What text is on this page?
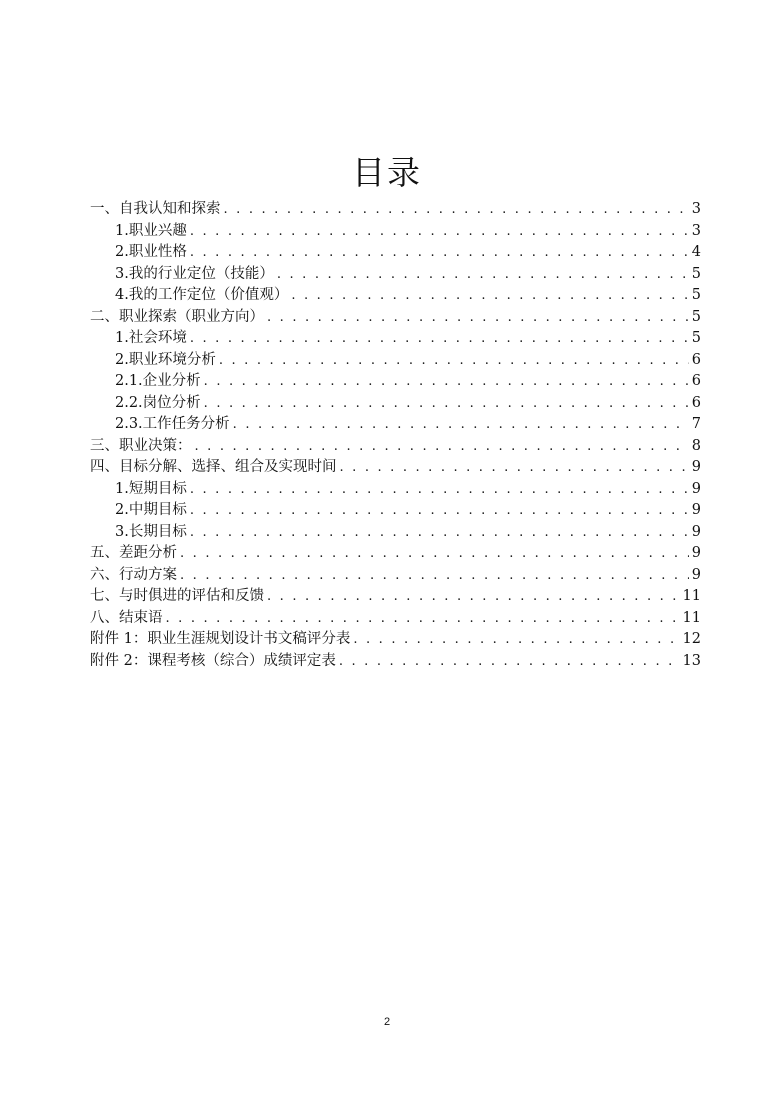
目录
一、自我认知和探索 . . .	3
1.职业兴趣 . . .	3
2.职业性格 . . .	4
3.我的行业定位（技能） . . .	5
4.我的工作定位（价值观） . . .	5
二、职业探索（职业方向） . . .	5
1.社会环境 . . .	5
2.职业环境分析 . . .	6
2.1.企业分析 . . .	6
2.2.岗位分析 . . .	6
2.3.工作任务分析 . . .	7
三、职业决策： . . .	8
四、目标分解、选择、组合及实现时间 . . .	9
1.短期目标 . . .	9
2.中期目标 . . .	9
3.长期目标 . . .	9
五、差距分析 . . .	9
六、行动方案 . . .	9
七、与时俱进的评估和反馈 . . .	11
八、结束语 . . .	11
附件 1：职业生涯规划设计书文稿评分表 . . .	12
附件 2：课程考核（综合）成绩评定表 . . .	13
2
